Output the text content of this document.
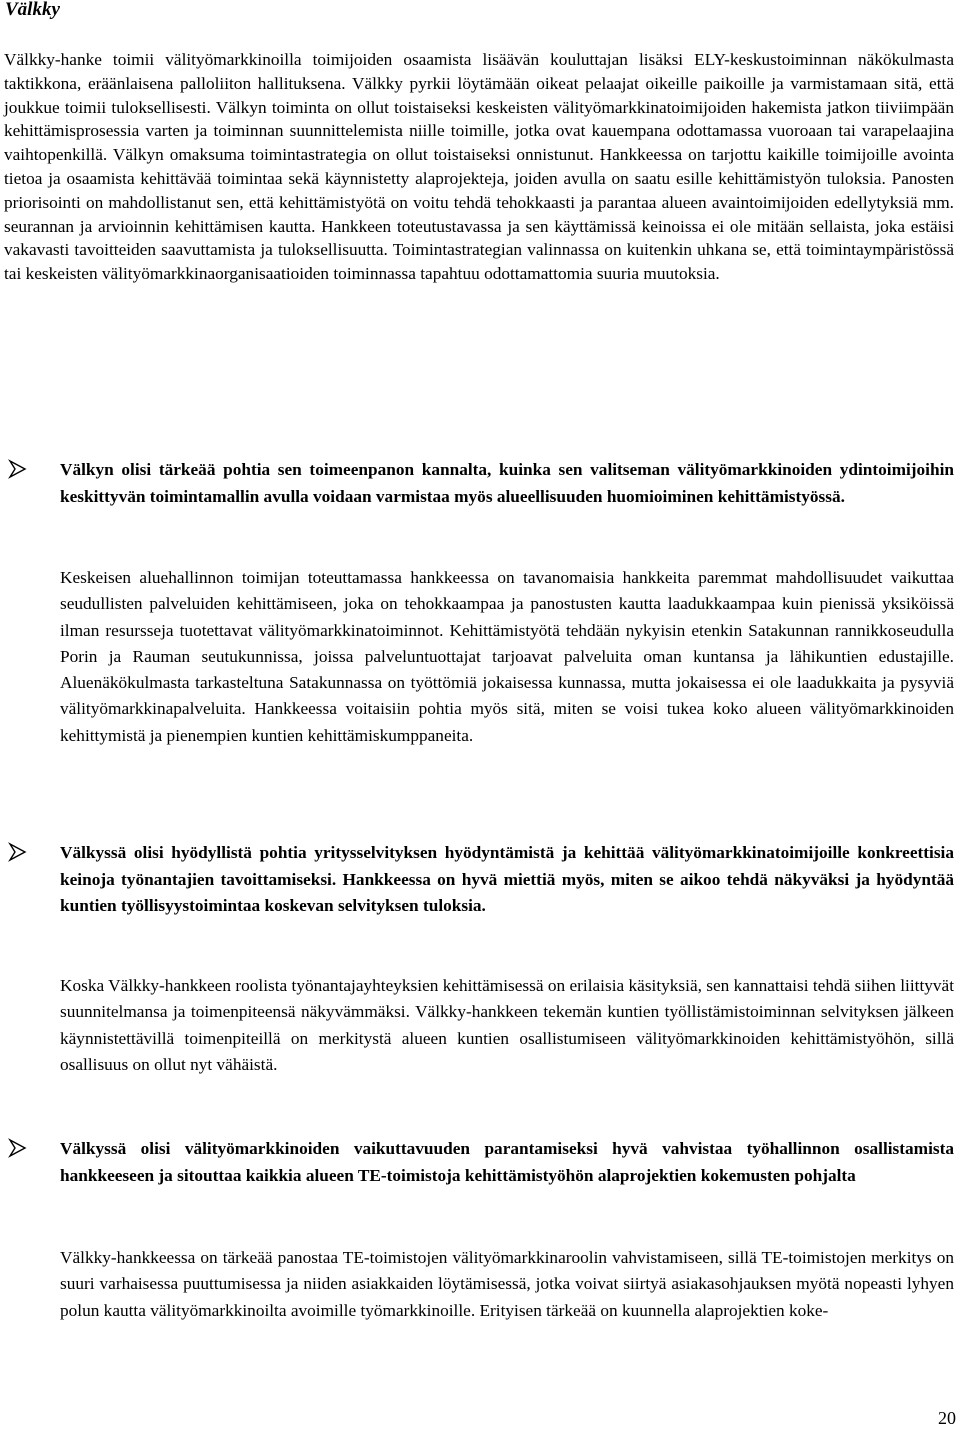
Välkky

Välkky-hanke toimii välityömarkkinoilla toimijoiden osaamista lisäävän kouluttajan lisäksi ELY-keskustoiminnan näkökulmasta taktikkona, eräänlaisena palloliiton hallituksena. Välkky pyrkii löytämään oikeat pelaajat oikeille paikoille ja varmistamaan sitä, että joukkue toimii tuloksellisesti. Välkyn toiminta on ollut toistaiseksi keskeisten välityömarkkinatoimijoiden hakemista jatkon tiiviimpään kehittämisprosessia varten ja toiminnan suunnittelemista niille toimille, jotka ovat kauempana odottamassa vuoroaan tai varapelaajina vaihtopenkillä. Välkyn omaksuma toimintastrategia on ollut toistaiseksi onnistunut. Hankkeessa on tarjottu kaikille toimijoille avointa tietoa ja osaamista kehittävää toimintaa sekä käynnistetty alaprojekteja, joiden avulla on saatu esille kehittämistyön tuloksia. Panosten priorisointi on mahdollistanut sen, että kehittämistyötä on voitu tehdä tehokkaasti ja parantaa alueen avaintoimijoiden edellytyksiä mm. seurannan ja arvioinnin kehittämisen kautta. Hankkeen toteutustavassa ja sen käyttämissä keinoissa ei ole mitään sellaista, joka estäisi vakavasti tavoitteiden saavuttamista ja tuloksellisuutta. Toimintastrategian valinnassa on kuitenkin uhkana se, että toimintaympäristössä tai keskeisten välityömarkkinaorganisaatioiden toiminnassa tapahtuu odottamattomia suuria muutoksia.

Välkyn olisi tärkeää pohtia sen toimeenpanon kannalta, kuinka sen valitseman välityömarkkinoiden ydintoimijoihin keskittyvän toimintamallin avulla voidaan varmistaa myös alueellisuuden huomioiminen kehittämistyössä.

Keskeisen aluehallinnon toimijan toteuttamassa hankkeessa on tavanomaisia hankkeita paremmat mahdollisuudet vaikuttaa seudullisten palveluiden kehittämiseen, joka on tehokkaampaa ja panostusten kautta laadukkaampaa kuin pienissä yksiköissä ilman resursseja tuotettavat välityömarkkinatoiminnot. Kehittämistyötä tehdään nykyisin etenkin Satakunnan rannikkoseudulla Porin ja Rauman seutukunnissa, joissa palveluntuottajat tarjoavat palveluita oman kuntansa ja lähikuntien edustajille. Aluenäkökulmasta tarkasteltuna Satakunnassa on työttömiä jokaisessa kunnassa, mutta jokaisessa ei ole laadukkaita ja pysyviä välityömarkkinapalveluita. Hankkeessa voitaisiin pohtia myös sitä, miten se voisi tukea koko alueen välityömarkkinoiden kehittymistä ja pienempien kuntien kehittämiskumppaneita.

Välkyssä olisi hyödyllistä pohtia yritysselvityksen hyödyntämistä ja kehittää välityömarkkinatoimijoille konkreettisia keinoja työnantajien tavoittamiseksi. Hankkeessa on hyvä miettiä myös, miten se aikoo tehdä näkyväksi ja hyödyntää kuntien työllisyystoimintaa koskevan selvityksen tuloksia.

Koska Välkky-hankkeen roolista työnantajayhteyksien kehittämisessä on erilaisia käsityksiä, sen kannattaisi tehdä siihen liittyvät suunnitelmansa ja toimenpiteensä näkyvämmäksi. Välkky-hankkeen tekemän kuntien työllistämistoiminnan selvityksen jälkeen käynnistettävillä toimenpiteillä on merkitystä alueen kuntien osallistumiseen välityömarkkinoiden kehittämistyöhön, sillä osallisuus on ollut nyt vähäistä.

Välkyssä olisi välityömarkkinoiden vaikuttavuuden parantamiseksi hyvä vahvistaa työhallinnon osallistamista hankkeeseen ja sitouttaa kaikkia alueen TE-toimistoja kehittämistyöhön alaprojektien kokemusten pohjalta

Välkky-hankkeessa on tärkeää panostaa TE-toimistojen välityömarkkinaroolin vahvistamiseen, sillä TE-toimistojen merkitys on suuri varhaisessa puuttumisessa ja niiden asiakkaiden löytämisessä, jotka voivat siirtyä asiakasohjauksen myötä nopeasti lyhyen polun kautta välityömarkkinoilta avoimille työmarkkinoille. Erityisen tärkeää on kuunnella alaprojektien koke-

20
